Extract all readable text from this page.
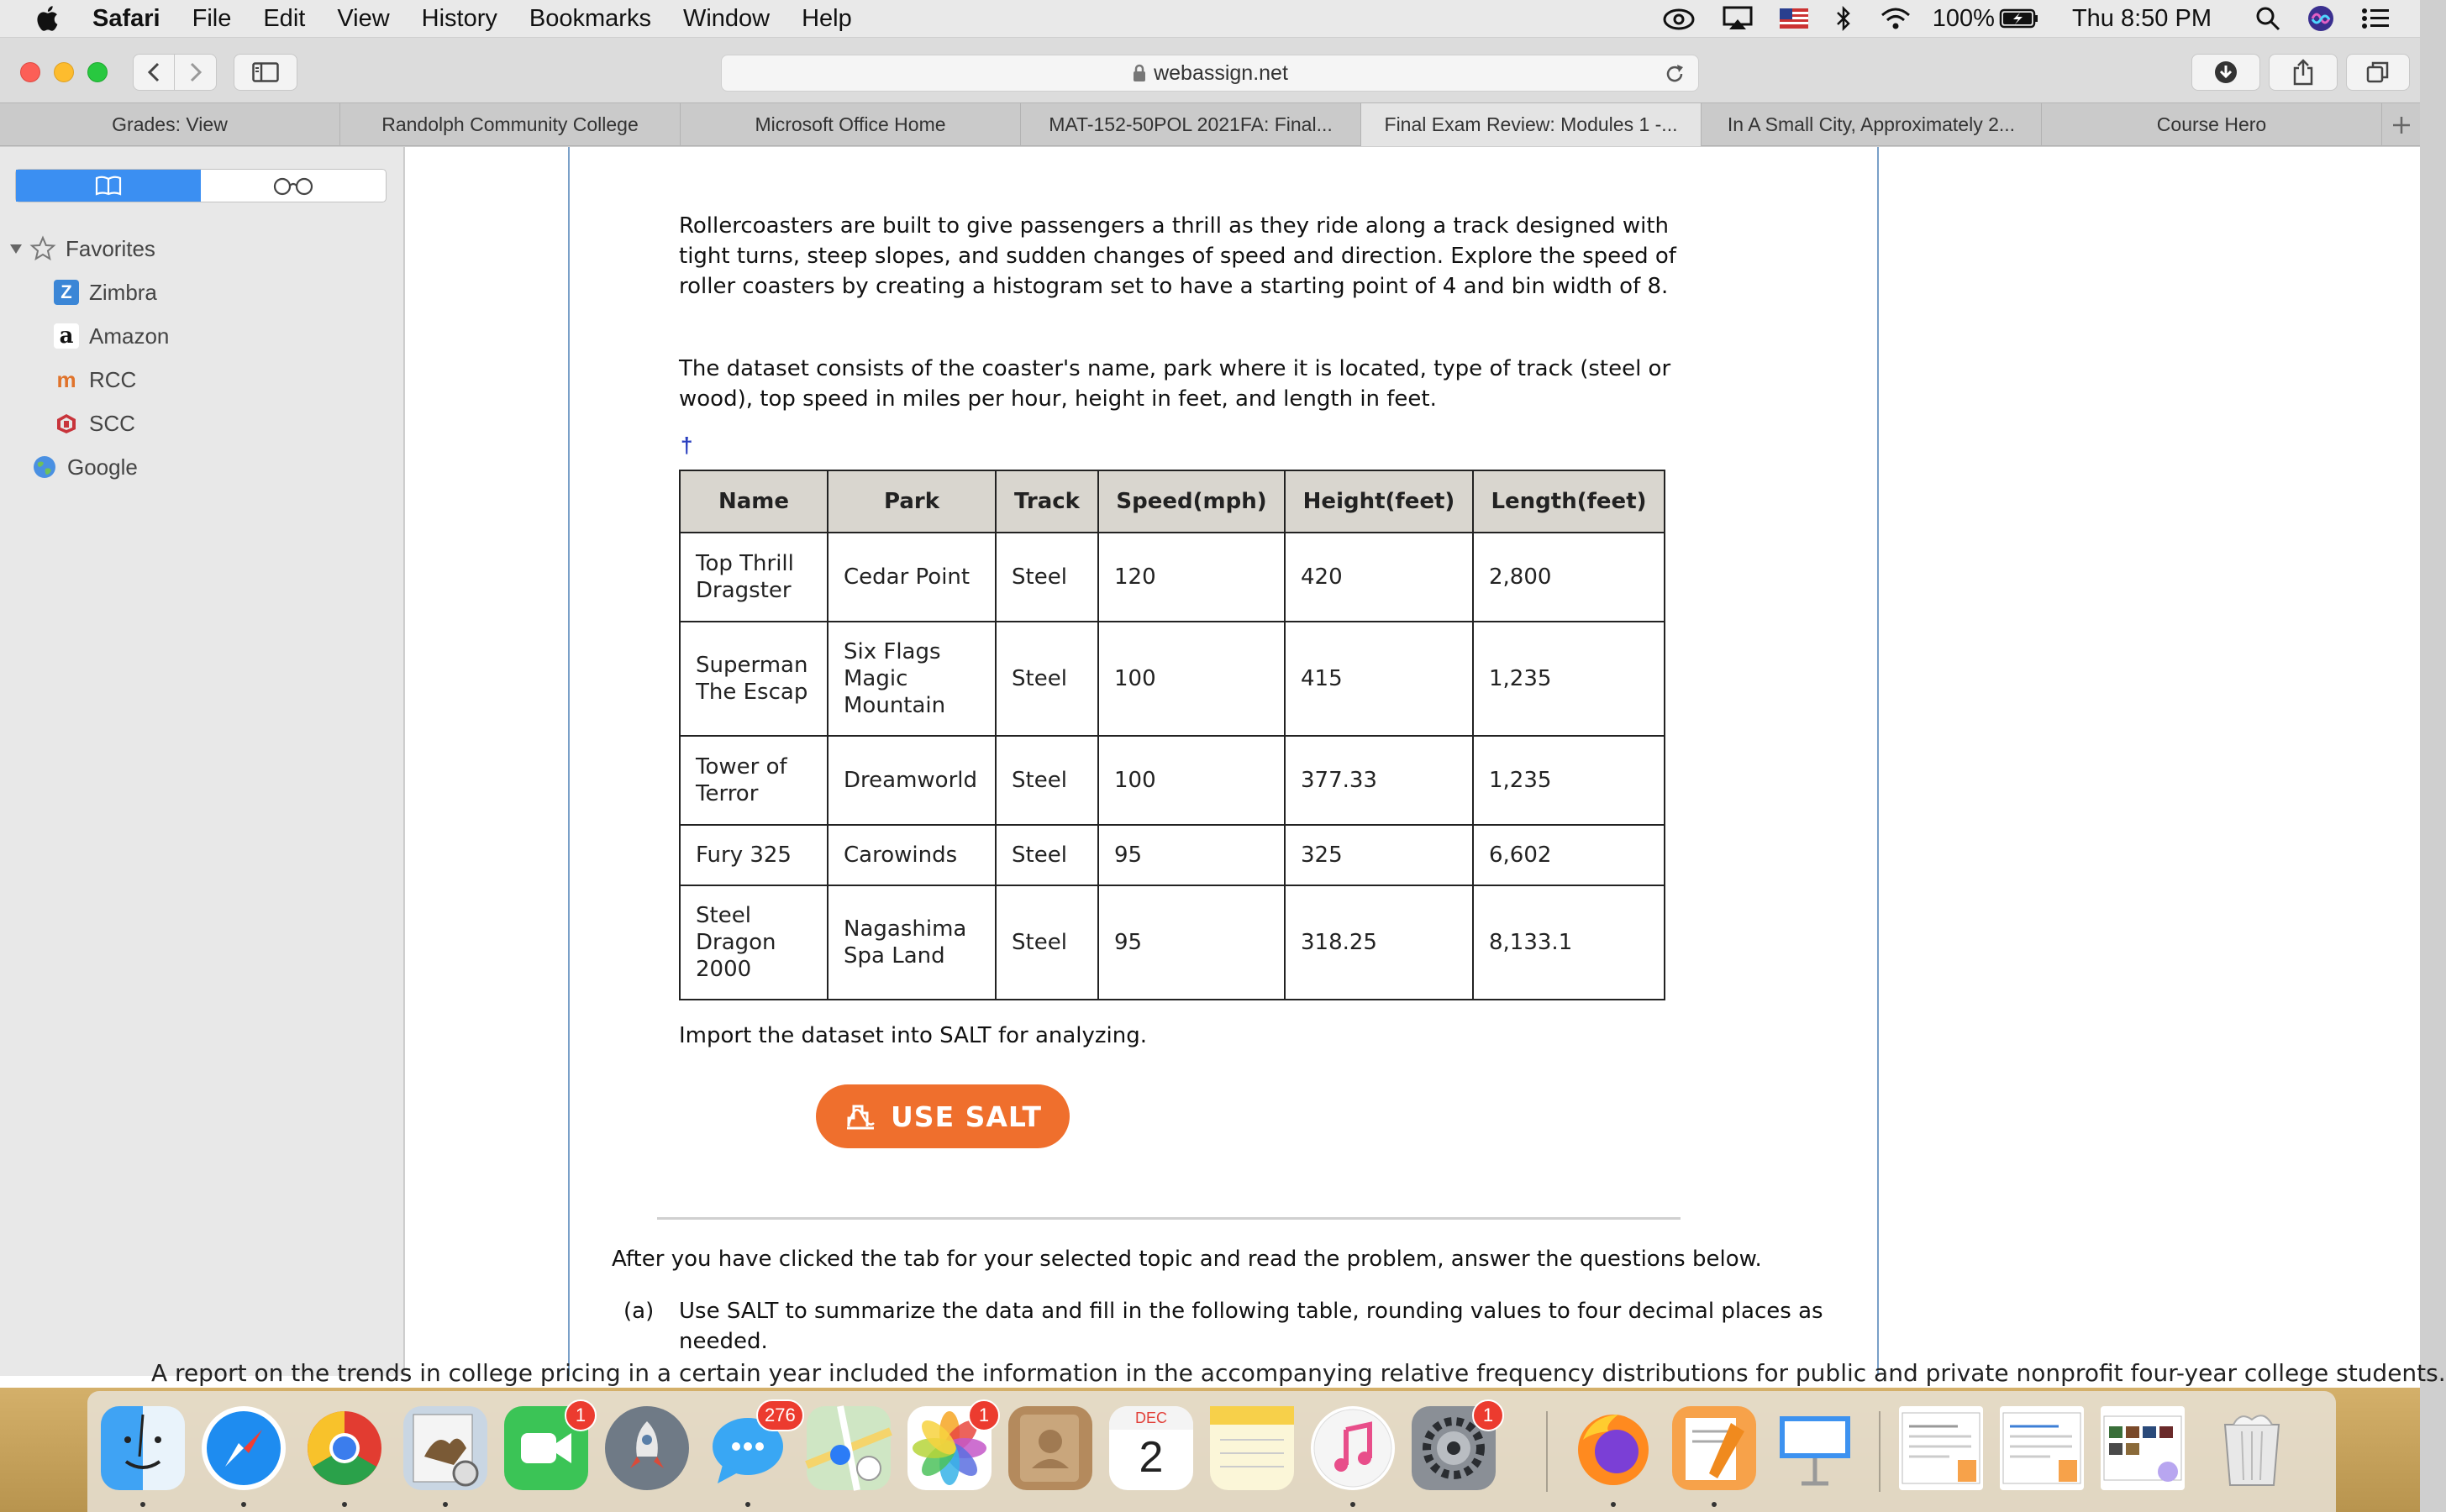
Safari File Edit View History Bookmarks Window Help	100%	Thu 8:50 PM
webassign.net
Grades: View	Randolph Community College	Microsoft Office Home	MAT-152-50POL 2021FA: Final...	Final Exam Review: Modules 1 -...	In A Small City, Approximately 2...	Course Hero
Favorites
Z Zimbra
a Amazon
m RCC
SCC
Google

Rollercoasters are built to give passengers a thrill as they ride along a track designed with tight turns, steep slopes, and sudden changes of speed and direction. Explore the speed of roller coasters by creating a histogram set to have a starting point of 4 and bin width of 8.

The dataset consists of the coaster's name, park where it is located, type of track (steel or wood), top speed in miles per hour, height in feet, and length in feet.

†
Name	Park	Track	Speed(mph)	Height(feet)	Length(feet)
Top Thrill Dragster	Cedar Point	Steel	120	420	2,800
Superman The Escap	Six Flags Magic Mountain	Steel	100	415	1,235
Tower of Terror	Dreamworld	Steel	100	377.33	1,235
Fury 325	Carowinds	Steel	95	325	6,602
Steel Dragon 2000	Nagashima Spa Land	Steel	95	318.25	8,133.1

Import the dataset into SALT for analyzing.

USE SALT

After you have clicked the tab for your selected topic and read the problem, answer the questions below.

(a) Use SALT to summarize the data and fill in the following table, rounding values to four decimal places as needed.

A report on the trends in college pricing in a certain year included the information in the accompanying relative frequency distributions for public and private nonprofit four-year college students.
1	276	1	DEC
2
1
